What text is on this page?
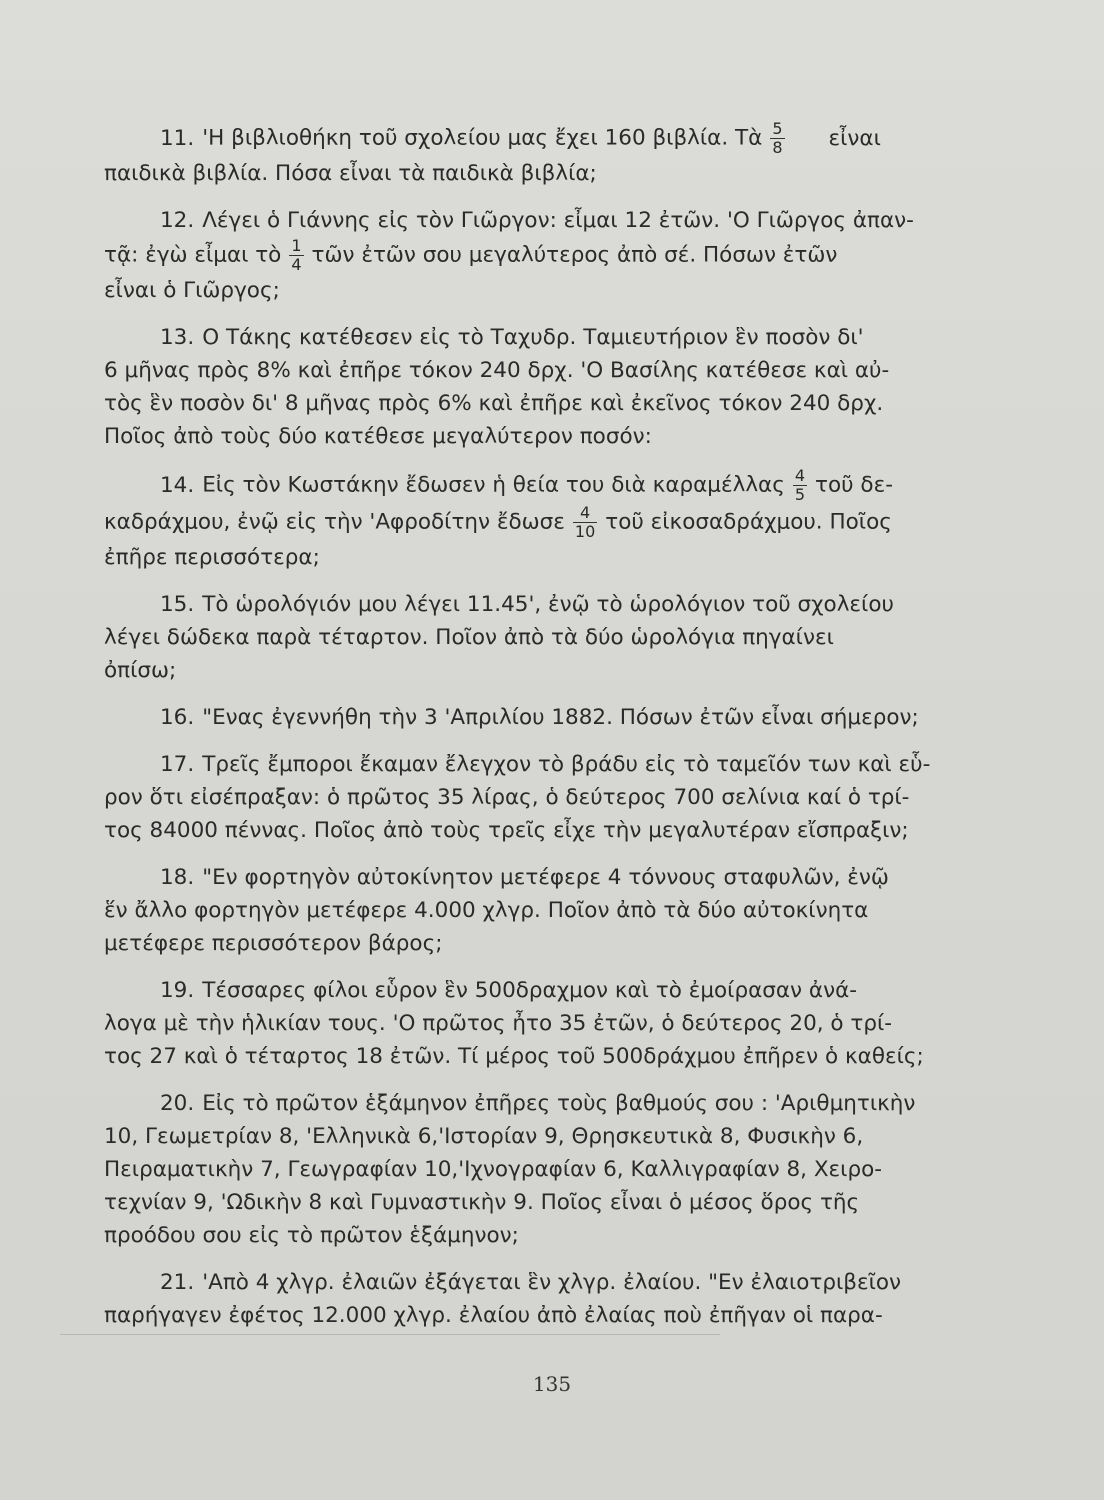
11. 'Η βιβλιοθήκη τοῦ σχολείου μας ἔχει 160 βιβλία. Τὰ $\frac{5}{8}$ εἶναι
παιδικὰ βιβλία. Πόσα εἶναι τὰ παιδικὰ βιβλία;
12. Λέγει ὁ Γιάννης εἰς τὸν Γιῶργον: εἶμαι 12 ἐτῶν. 'Ο Γιῶργος ἀπαν-
τᾷ: ἐγὼ εἶμαι τὸ $\frac{1}{4}$ τῶν ἐτῶν σου μεγαλύτερος ἀπὸ σέ. Πόσων ἐτῶν
εἶναι ὁ Γιῶργος;
13. Ο Τάκης κατέθεσεν εἰς τὸ Ταχυδρ. Ταμιευτήριον ἓν ποσὸν δι'
6 μῆνας πρὸς 8% καὶ ἐπῆρε τόκον 240 δρχ. 'Ο Βασίλης κατέθεσε καὶ αὐ-
τὸς ἓν ποσὸν δι' 8 μῆνας πρὸς 6% καὶ ἐπῆρε καὶ ἐκεῖνος τόκον 240 δρχ.
Ποῖος ἀπὸ τοὺς δύο κατέθεσε μεγαλύτερον ποσόν:
14. Εἰς τὸν Κωστάκην ἔδωσεν ἡ θεία του διὰ καραμέλλας $\frac{4}{5}$ τοῦ δε-
καδράχμου, ἐνῷ εἰς τὴν 'Αφροδίτην ἔδωσε $\frac{4}{10}$ τοῦ εἰκοσαδράχμου. Ποῖος
ἐπῆρε περισσότερα;
15. Τὸ ὡρολόγιόν μου λέγει 11.45', ἐνῷ τὸ ὡρολόγιον τοῦ σχολείου
λέγει δώδεκα παρὰ τέταρτον. Ποῖον ἀπὸ τὰ δύο ὡρολόγια πηγαίνει
ὀπίσω;
16. "Ενας ἐγεννήθη τὴν 3 'Απριλίου 1882. Πόσων ἐτῶν εἶναι σήμερον;
17. Τρεῖς ἔμποροι ἔκαμαν ἔλεγχον τὸ βράδυ εἰς τὸ ταμεῖόν των καὶ εὗ-
ρον ὅτι εἰσέπραξαν: ὁ πρῶτος 35 λίρας, ὁ δεύτερος 700 σελίνια καί ὁ τρί-
τος 84000 πέννας. Ποῖος ἀπὸ τοὺς τρεῖς εἶχε τὴν μεγαλυτέραν εἴσπραξιν;
18. "Εν φορτηγὸν αὐτοκίνητον μετέφερε 4 τόννους σταφυλῶν, ἐνῷ
ἕν ἄλλο φορτηγὸν μετέφερε 4.000 χλγρ. Ποῖον ἀπὸ τὰ δύο αὐτοκίνητα
μετέφερε περισσότερον βάρος;
19. Τέσσαρες φίλοι εὗρον ἓν 500δραχμον καὶ τὸ ἐμοίρασαν ἀνά-
λογα μὲ τὴν ἡλικίαν τους. 'Ο πρῶτος ἦτο 35 ἐτῶν, ὁ δεύτερος 20, ὁ τρί-
τος 27 καὶ ὁ τέταρτος 18 ἐτῶν. Τί μέρος τοῦ 500δράχμου ἐπῆρεν ὁ καθείς;
20. Εἰς τὸ πρῶτον ἑξάμηνον ἐπῆρες τοὺς βαθμούς σου : 'Αριθμητικὴν
10, Γεωμετρίαν 8, 'Ελληνικὰ 6,'Ιστορίαν 9, Θρησκευτικὰ 8, Φυσικὴν 6,
Πειραματικὴν 7, Γεωγραφίαν 10,'Ιχνογραφίαν 6, Καλλιγραφίαν 8, Χειρο-
τεχνίαν 9, 'Ωδικὴν 8 καὶ Γυμναστικὴν 9. Ποῖος εἶναι ὁ μέσος ὅρος τῆς
προόδου σου εἰς τὸ πρῶτον ἑξάμηνον;
21. 'Απὸ 4 χλγρ. ἐλαιῶν ἐξάγεται ἓν χλγρ. ἐλαίου. "Εν ἐλαιοτριβεῖον
παρήγαγεν ἐφέτος 12.000 χλγρ. ἐλαίου ἀπὸ ἐλαίας ποὺ ἐπῆγαν οἱ παρα-
135
